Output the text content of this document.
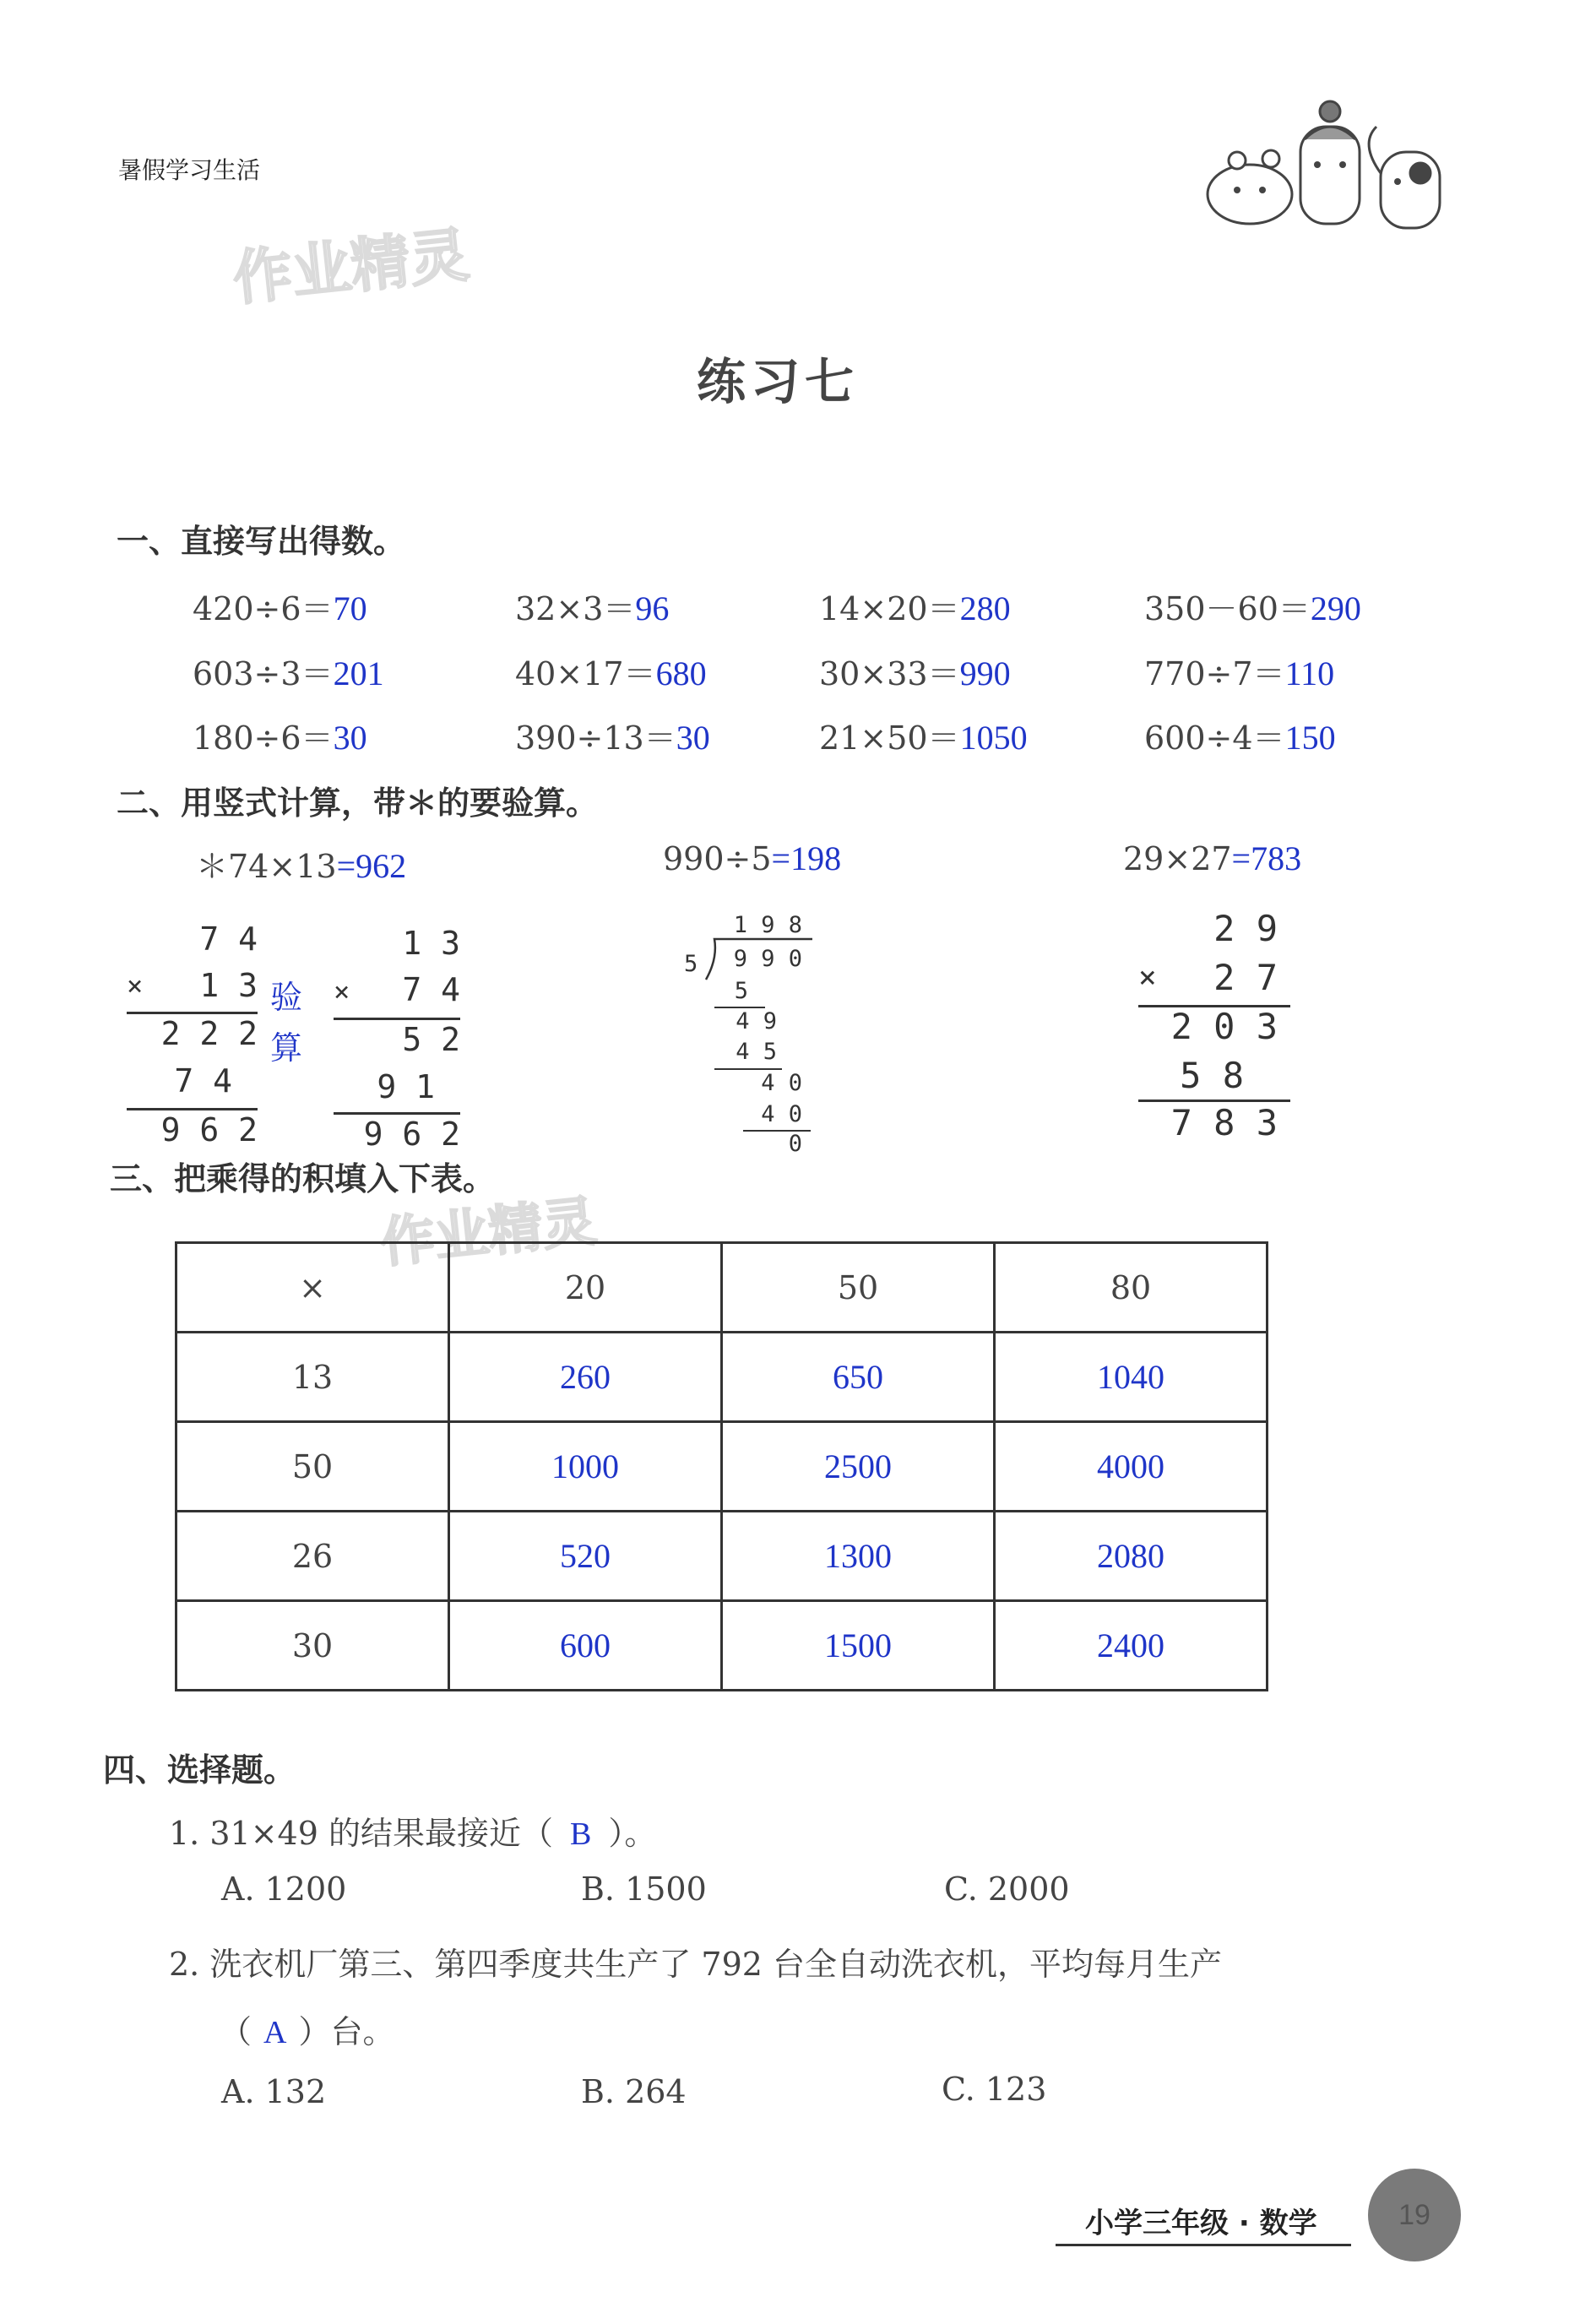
暑假学习生活
作业精灵
练习七
一、直接写出得数。
420÷6＝70	32×3＝96	14×20＝280	350－60＝290
603÷3＝201	40×17＝680	30×33＝990	770÷7＝110
180÷6＝30	390÷13＝30	21×50＝1050	600÷4＝150
二、用竖式计算，带＊的要验算。
＊74×13=962	990÷5=198	29×27=783
7 4
× 1 3
2 2 2
7 4
9 6 2
验
算
1 3
× 7 4
5 2
9 1
9 6 2
1 9 8
5 9 9 0
5
4 9
4 5
4 0
4 0
0
2 9
× 2 7
2 0 3
5 8
7 8 3
三、把乘得的积填入下表。
作业精灵
×	20	50	80
13	260	650	1040
50	1000	2500	4000
26	520	1300	2080
30	600	1500	2400
四、选择题。
1. 31×49 的结果最接近（ B ）。
A. 1200	B. 1500	C. 2000
2. 洗衣机厂第三、第四季度共生产了 792 台全自动洗衣机，平均每月生产
（ A ）台。
A. 132	B. 264	C. 123
小学三年级 · 数学	19
